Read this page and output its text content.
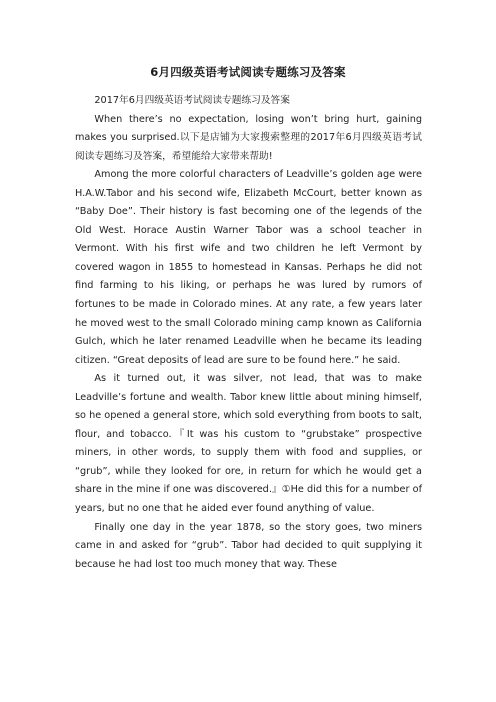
6月四级英语考试阅读专题练习及答案

2017年6月四级英语考试阅读专题练习及答案

When there’s no expectation, losing won’t bring hurt, gaining makes you surprised.以下是店铺为大家搜索整理的2017年6月四级英语考试阅读专题练习及答案，希望能给大家带来帮助!

Among the more colorful characters of Leadville’s golden age were H.A.W.Tabor and his second wife, Elizabeth McCourt, better known as “Baby Doe”. Their history is fast becoming one of the legends of the Old West. Horace Austin Warner Tabor was a school teacher in Vermont. With his first wife and two children he left Vermont by covered wagon in 1855 to homestead in Kansas. Perhaps he did not find farming to his liking, or perhaps he was lured by rumors of fortunes to be made in Colorado mines. At any rate, a few years later he moved west to the small Colorado mining camp known as California Gulch, which he later renamed Leadville when he became its leading citizen. “Great deposits of lead are sure to be found here.” he said.

As it turned out, it was silver, not lead, that was to make Leadville’s fortune and wealth. Tabor knew little about mining himself, so he opened a general store, which sold everything from boots to salt, flour, and tobacco.『It was his custom to “grubstake” prospective miners, in other words, to supply them with food and supplies, or “grub”, while they looked for ore, in return for which he would get a share in the mine if one was discovered.』①He did this for a number of years, but no one that he aided ever found anything of value.

Finally one day in the year 1878, so the story goes, two miners came in and asked for “grub”. Tabor had decided to quit supplying it because he had lost too much money that way. These
